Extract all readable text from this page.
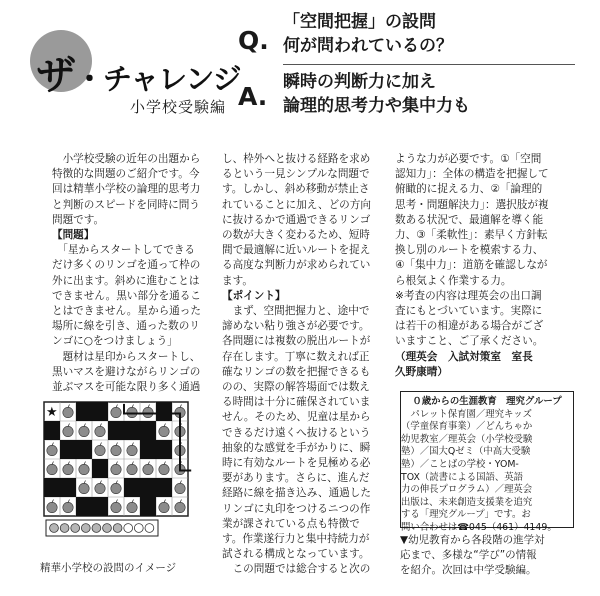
ザ・チャレンジ
小学校受験編
Q.
「空間把握」の設問
何が問われているの？
A. 瞬時の判断力に加え
論理的思考力や集中力も

　小学校受験の近年の出題から

特徴的な問題のご紹介です。今

回は精華小学校の論理的思考力

と判断のスピードを同時に問う

問題です。

【問題】

　「星からスタートしてできる

だけ多くのリンゴを通って枠の

外に出ます。斜めに進むことは

できません。黒い部分を通るこ

とはできません。星から通った

場所に線を引き、通った数のリ

ンゴに○をつけましょう」

　題材は星印からスタートし、

黒いマスを避けながらリンゴの

並ぶマスを可能な限り多く通過

し、枠外へと抜ける経路を求め

るという一見シンプルな問題で

す。しかし、斜め移動が禁止さ

れていることに加え、どの方向

に抜けるかで通過できるリンゴ

の数が大きく変わるため、短時

間で最適解に近いルートを捉え

る高度な判断力が求められてい

ます。

【ポイント】

　まず、空間把握力と、途中で

諦めない粘り強さが必要です。

各問題には複数の脱出ルートが

存在します。丁寧に数えれば正

確なリンゴの数を把握できるも

のの、実際の解答場面では数え

る時間は十分に確保されていま

せん。そのため、児童は星から

できるだけ遠くへ抜けるという

抽象的な感覚を手がかりに、瞬

時に有効なルートを見極める必

要があります。さらに、進んだ

経路に線を描き込み、通過した

リンゴに丸印をつけるニつの作

業が課されている点も特徴で

す。作業遂行力と集中持続力が

試される構成となっています。

　この問題では総合すると次の

ような力が必要です。①「空間

認知力」：全体の構造を把握して

俯瞰的に捉える力、②「論理的

思考・問題解決力」：選択肢が複

数ある状況で、最適解を導く能

力、③「柔軟性」：素早く方針転

換し別のルートを模索する力、

④「集中力」：道筋を確認しなが

ら根気よく作業する力。

※考査の内容は理英会の出口調

査にもとづいています。実際に

は若干の相違がある場合がござ

いますこと、ご了承ください。

（理英会　入試対策室　室長

久野康晴）

★
精華小学校の設問のイメージ

０歳からの生涯教育　理究グループ

　パレット保育園／理究キッズ

（学童保育事業）／どんちゃか

幼児教室／理英会（小学校受験

塾）／国大Qゼミ（中高大受験

塾）／ことばの学校・YOM-

TOX（読書による国語、英語

力の伸長プログラム）／理英会

出版は、未来創造支援業を追究

する「理究グループ」です。お

問い合わせは☎045（461）4149。

▼幼児教育から各段階の進学対

応まで、多様な“学び”の情報

を紹介。次回は中学受験編。
